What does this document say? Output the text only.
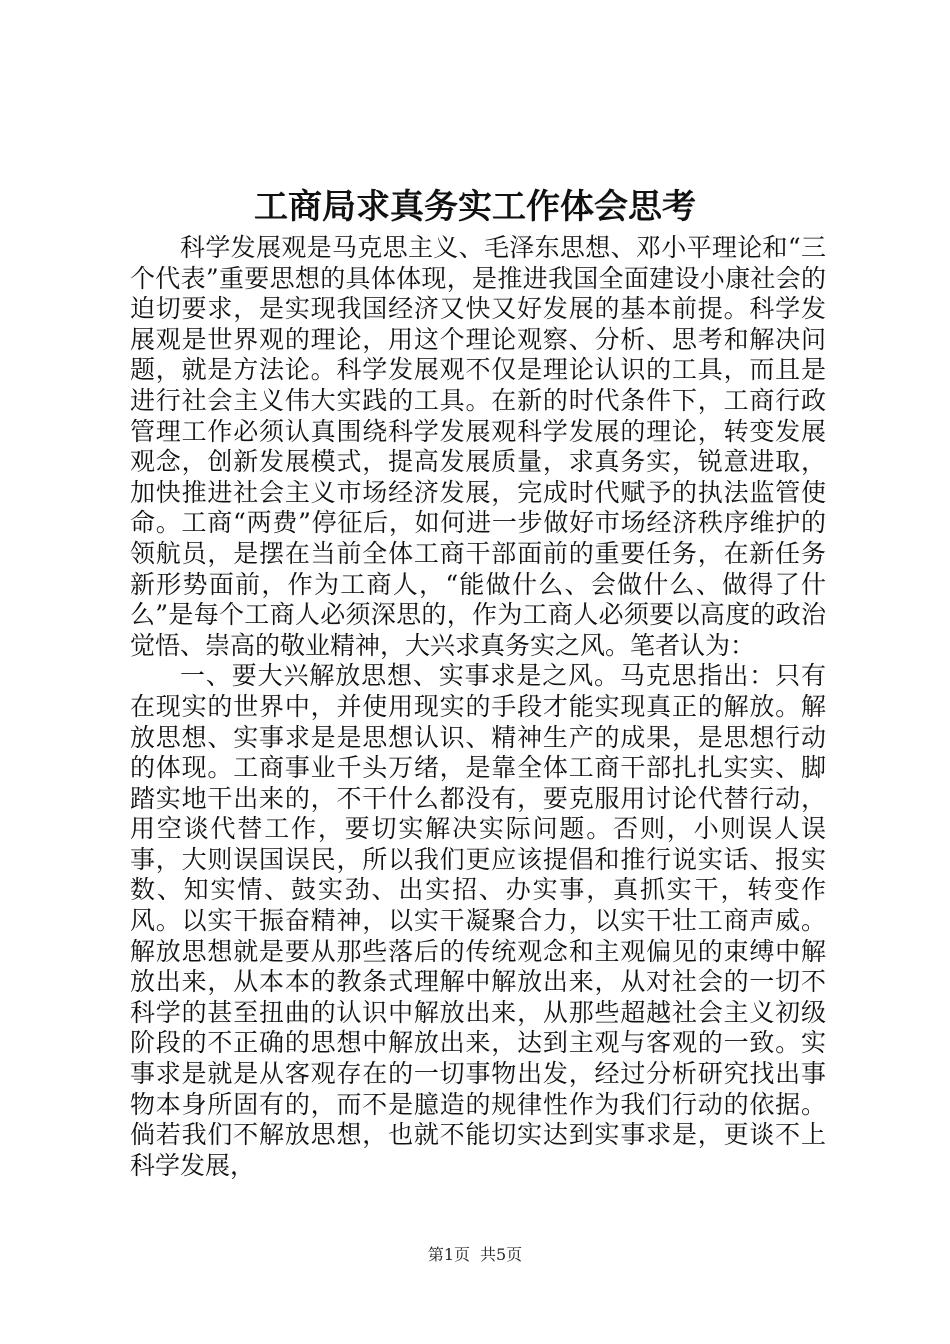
工商局求真务实工作体会思考

科学发展观是马克思主义、毛泽东思想、邓小平理论和“三个代表”重要思想的具体体现，是推进我国全面建设小康社会的迫切要求，是实现我国经济又快又好发展的基本前提。科学发展观是世界观的理论，用这个理论观察、分析、思考和解决问题，就是方法论。科学发展观不仅是理论认识的工具，而且是进行社会主义伟大实践的工具。在新的时代条件下，工商行政管理工作必须认真围绕科学发展观科学发展的理论，转变发展观念，创新发展模式，提高发展质量，求真务实，锐意进取，加快推进社会主义市场经济发展，完成时代赋予的执法监管使命。工商“两费”停征后，如何进一步做好市场经济秩序维护的领航员，是摆在当前全体工商干部面前的重要任务，在新任务新形势面前，作为工商人，“能做什么、会做什么、做得了什么”是每个工商人必须深思的，作为工商人必须要以高度的政治觉悟、崇高的敬业精神，大兴求真务实之风。笔者认为：

一、要大兴解放思想、实事求是之风。马克思指出：只有在现实的世界中，并使用现实的手段才能实现真正的解放。解放思想、实事求是是思想认识、精神生产的成果，是思想行动的体现。工商事业千头万绪，是靠全体工商干部扎扎实实、脚踏实地干出来的，不干什么都没有，要克服用讨论代替行动，用空谈代替工作，要切实解决实际问题。否则，小则误人误事，大则误国误民，所以我们更应该提倡和推行说实话、报实数、知实情、鼓实劲、出实招、办实事，真抓实干，转变作风。以实干振奋精神，以实干凝聚合力，以实干壮工商声威。解放思想就是要从那些落后的传统观念和主观偏见的束缚中解放出来，从本本的教条式理解中解放出来，从对社会的一切不科学的甚至扭曲的认识中解放出来，从那些超越社会主义初级阶段的不正确的思想中解放出来，达到主观与客观的一致。实事求是就是从客观存在的一切事物出发，经过分析研究找出事物本身所固有的，而不是臆造的规律性作为我们行动的依据。倘若我们不解放思想，也就不能切实达到实事求是，更谈不上科学发展，

第1页 共5页
